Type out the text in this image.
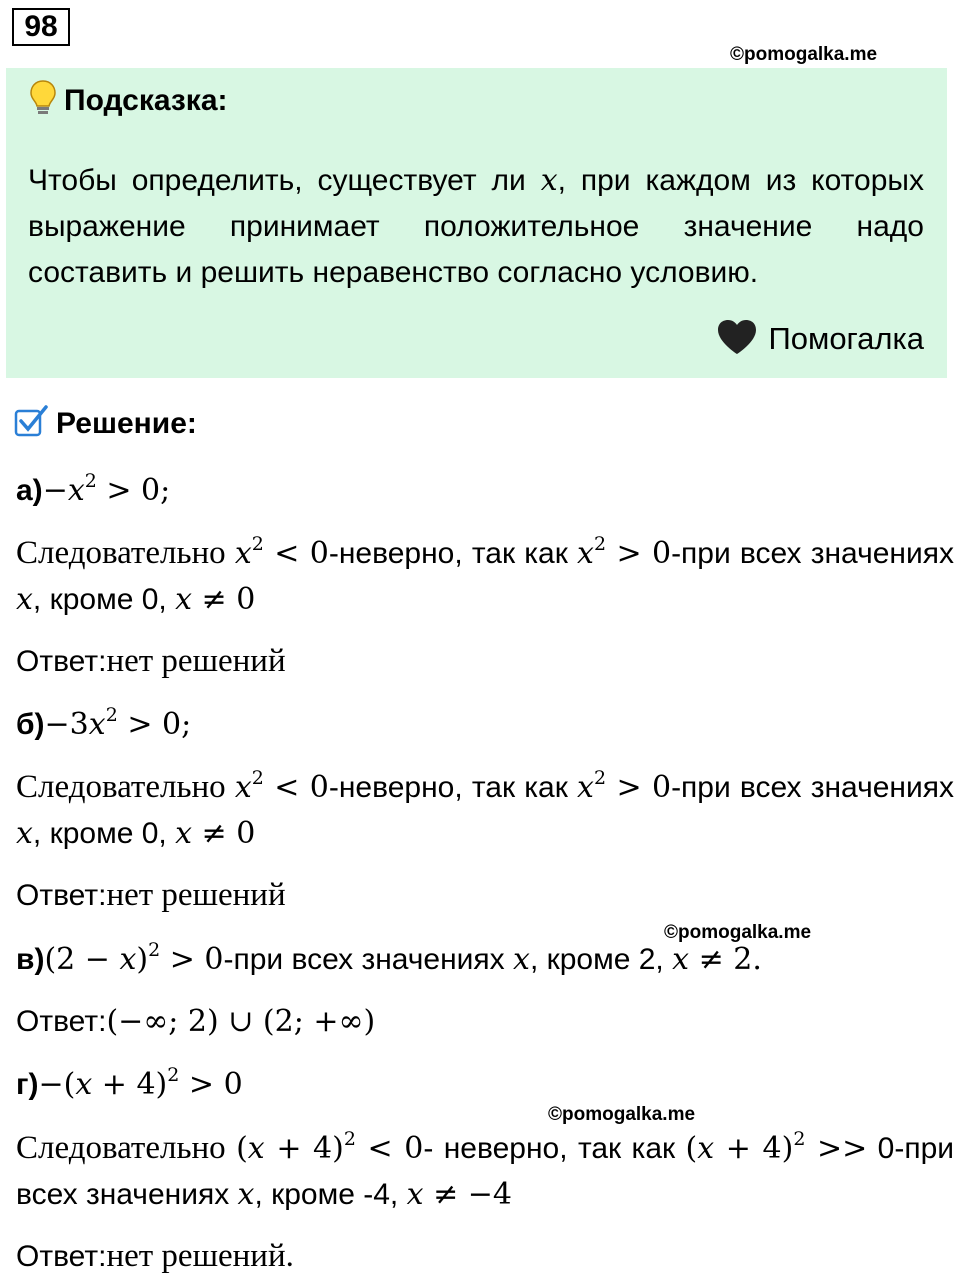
98
©pomogalka.me
Подсказка:
Чтобы определить, существует ли x, при каждом из которых выражение принимает положительное значение надо составить и решить неравенство согласно условию.
Помогалка
Решение:
$а)-x^2 > 0$;
Следовательно $x^2$ < 0-неверно, так как $x^2 > 0-при$ всех значениях x, кроме 0, x ≠ 0
Ответ:нет решений
$б)-3x^2 > 0$;
Следовательно $x^2$ < 0-неверно, так как $x^2 > 0-при$ всех значениях x, кроме 0, x ≠ 0
Ответ:нет решений
©pomogalka.me
$в)(2 - x)^2 > 0-при$ всех значениях x, кроме 2, x ≠ 2.
Ответ:(−∞; 2) ∪ (2; +∞)
$г)-(x + 4)^2 > 0$
©pomogalka.me
Следовательно $(x + 4)^2 < 0-$ неверно, так как $(x + 4)^2 >> 0-при$ всех значениях x, кроме -4, x ≠ −4
Ответ:нет решений.
